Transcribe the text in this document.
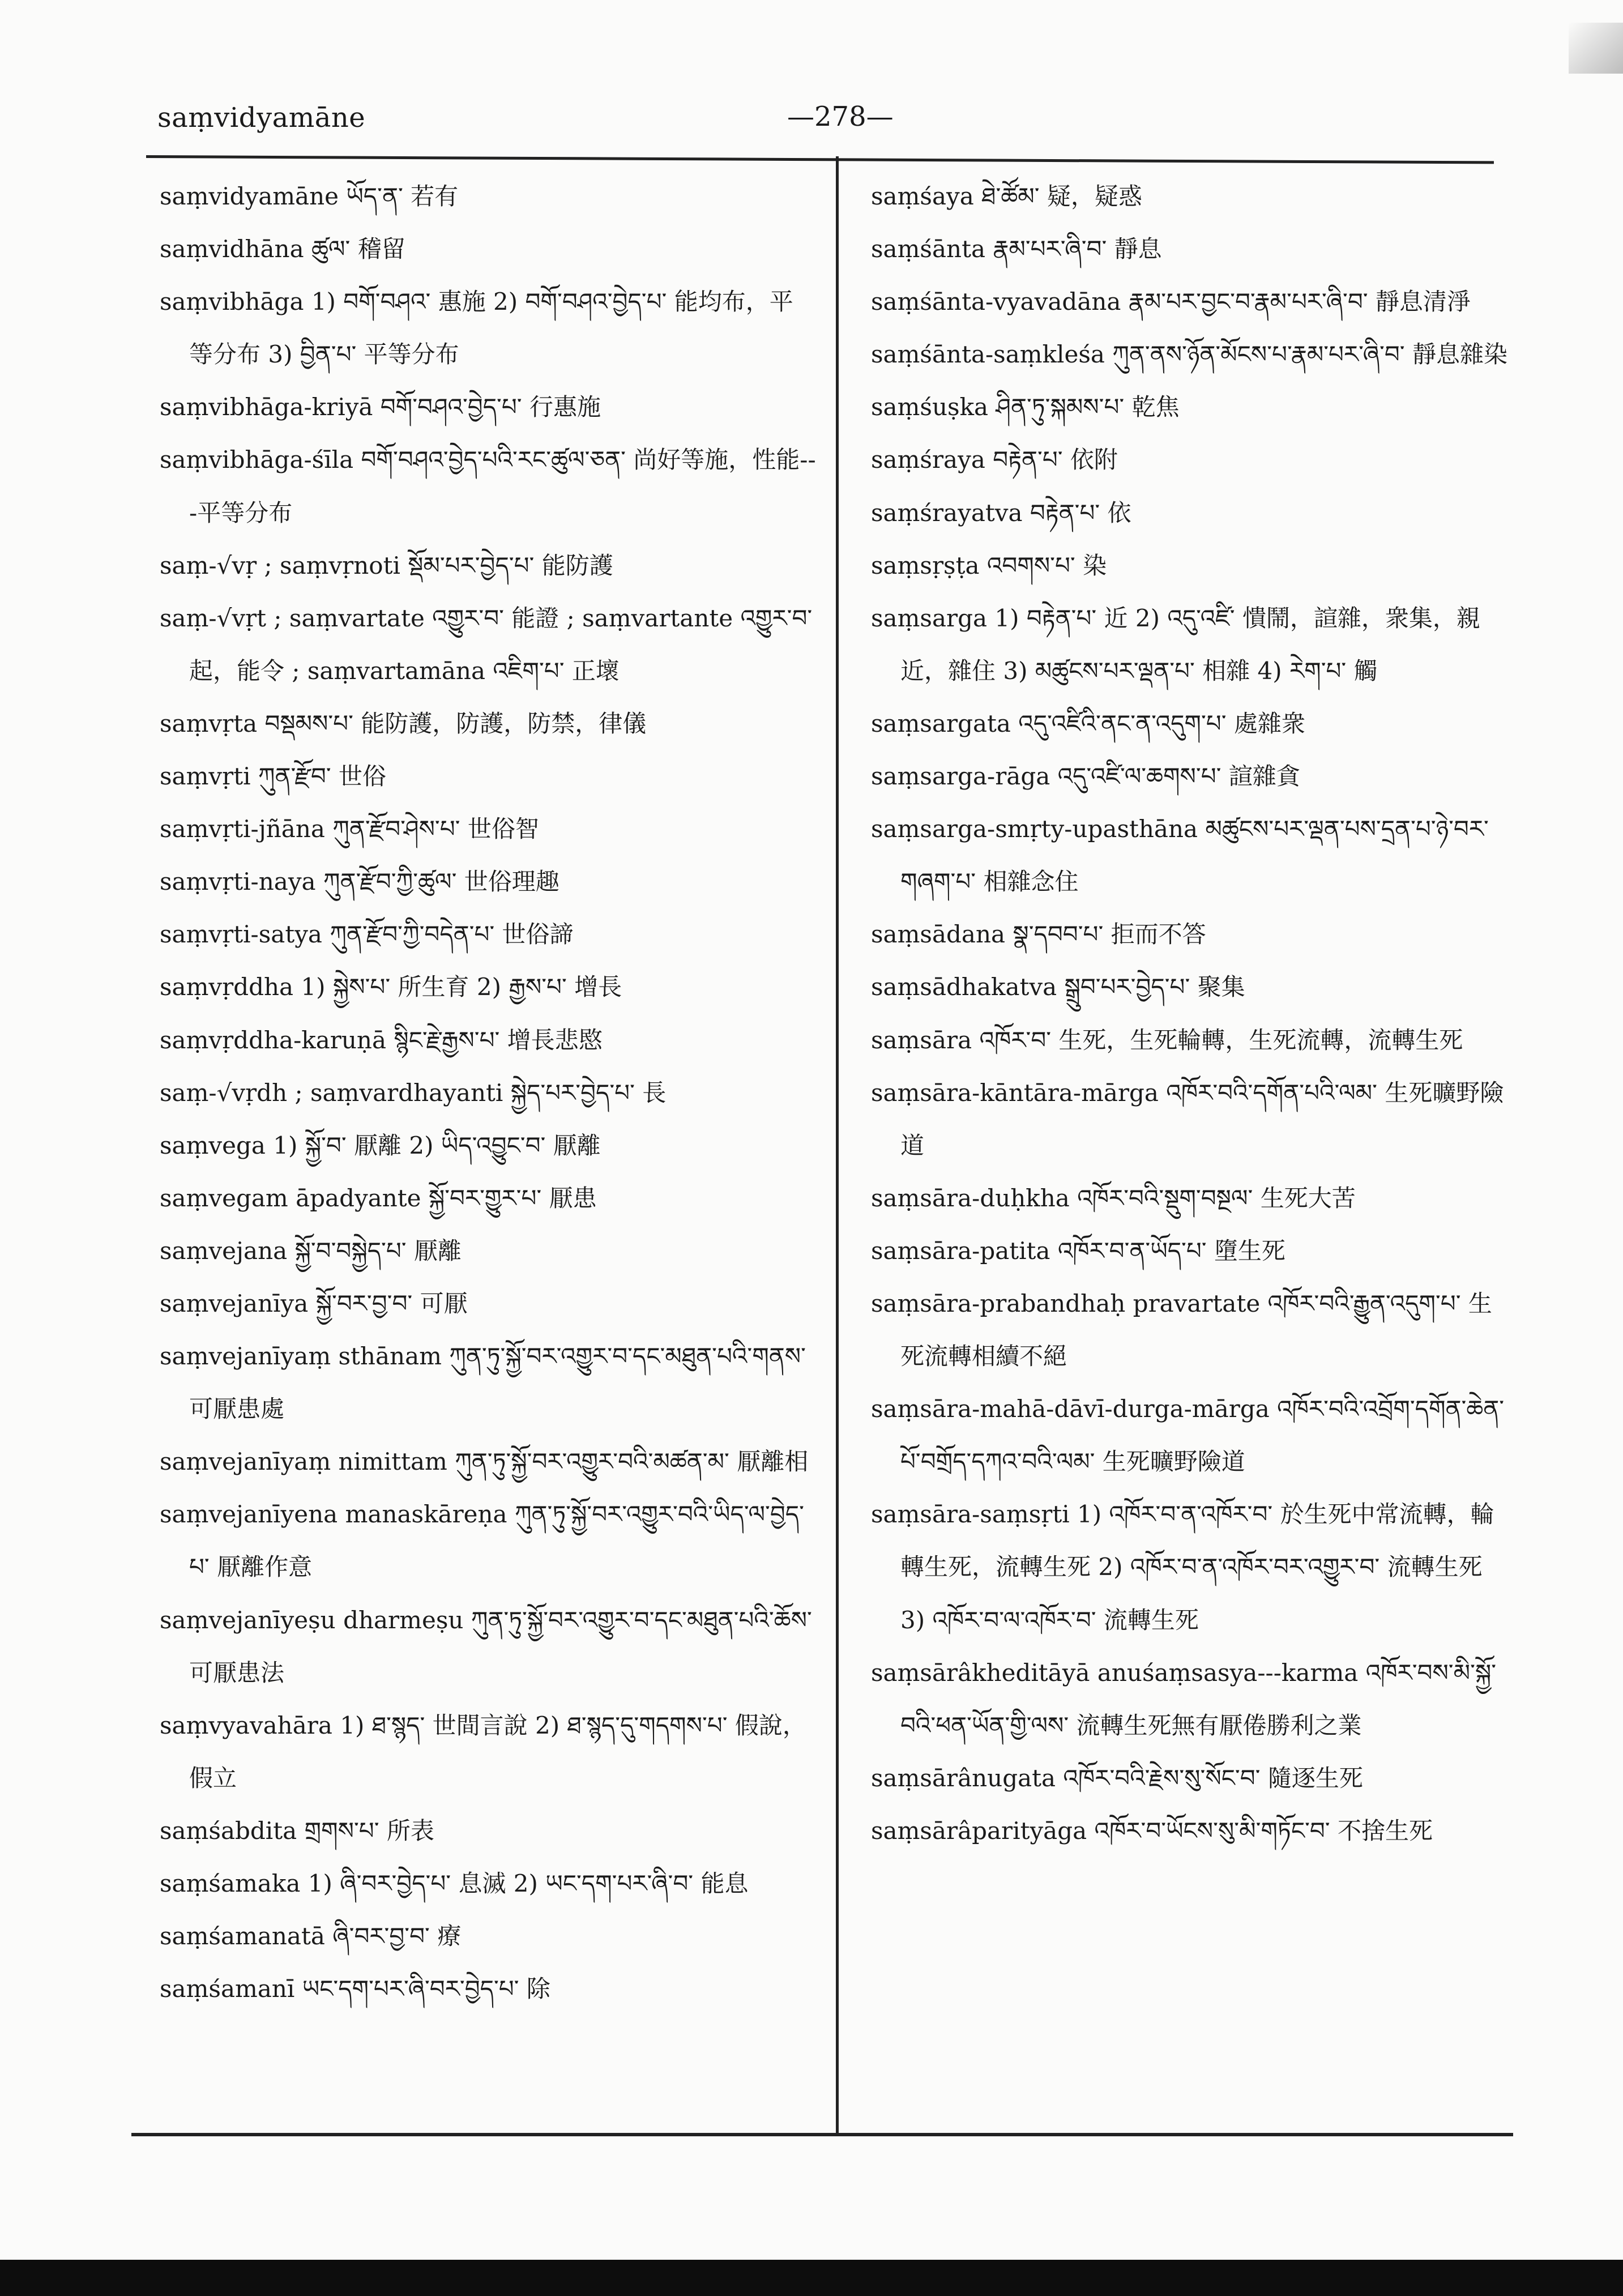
saṃvidyamāne	—278—

saṃvidyamāne ཡོད་ན་ 若有

saṃvidhāna ཚུལ་ 稽留

saṃvibhāga 1) བགོ་བཤའ་ 惠施 2) བགོ་བཤའ་བྱེད་པ་ 能均布，平等分布 3) བྱིན་པ་ 平等分布

saṃvibhāga-kriyā བགོ་བཤའ་བྱེད་པ་ 行惠施

saṃvibhāga-śīla བགོ་བཤའ་བྱེད་པའི་རང་ཚུལ་ཅན་ 尚好等施，性能---平等分布

saṃ-√vṛ ; saṃvṛnoti སྡོམ་པར་བྱེད་པ་ 能防護

saṃ-√vṛt ; saṃvartate འགྱུར་བ་ 能證 ; saṃvartante འགྱུར་བ་ 起，能令 ; saṃvartamāna འཇིག་པ་ 正壞

saṃvṛta བསྡམས་པ་ 能防護，防護，防禁，律儀

saṃvṛti ཀུན་རྫོབ་ 世俗

saṃvṛti-jñāna ཀུན་རྫོབ་ཤེས་པ་ 世俗智

saṃvṛti-naya ཀུན་རྫོབ་ཀྱི་ཚུལ་ 世俗理趣

saṃvṛti-satya ཀུན་རྫོབ་ཀྱི་བདེན་པ་ 世俗諦

saṃvṛddha 1) སྐྱེས་པ་ 所生育 2) རྒྱས་པ་ 增長

saṃvṛddha-karuṇā སྙིང་རྗེ་རྒྱས་པ་ 增長悲愍

saṃ-√vṛdh ; saṃvardhayanti སྐྱེད་པར་བྱེད་པ་ 長

saṃvega 1) སྐྱོ་བ་ 厭離 2) ཡིད་འབྱུང་བ་ 厭離

saṃvegam āpadyante སྐྱོ་བར་གྱུར་པ་ 厭患

saṃvejana སྐྱོ་བ་བསྐྱེད་པ་ 厭離

saṃvejanīya སྐྱོ་བར་བྱ་བ་ 可厭

saṃvejanīyaṃ sthānam ཀུན་ཏུ་སྐྱོ་བར་འགྱུར་བ་དང་མཐུན་པའི་གནས་ 可厭患處

saṃvejanīyaṃ nimittam ཀུན་ཏུ་སྐྱོ་བར་འགྱུར་བའི་མཚན་མ་ 厭離相

saṃvejanīyena manaskāreṇa ཀུན་ཏུ་སྐྱོ་བར་འགྱུར་བའི་ཡིད་ལ་བྱེད་པ་ 厭離作意

saṃvejanīyeṣu dharmeṣu ཀུན་ཏུ་སྐྱོ་བར་འགྱུར་བ་དང་མཐུན་པའི་ཆོས་ 可厭患法

saṃvyavahāra 1) ཐ་སྙད་ 世間言說 2) ཐ་སྙད་དུ་གདགས་པ་ 假說，假立

saṃśabdita གྲགས་པ་ 所表

saṃśamaka 1) ཞི་བར་བྱེད་པ་ 息滅 2) ཡང་དག་པར་ཞི་བ་ 能息

saṃśamanatā ཞི་བར་བྱ་བ་ 療

saṃśamanī ཡང་དག་པར་ཞི་བར་བྱེད་པ་ 除

saṃśaya ཐེ་ཚོམ་ 疑，疑惑

saṃśānta རྣམ་པར་ཞི་བ་ 靜息

saṃśānta-vyavadāna རྣམ་པར་བྱང་བ་རྣམ་པར་ཞི་བ་ 靜息清淨

saṃśānta-saṃkleśa ཀུན་ནས་ཉོན་མོངས་པ་རྣམ་པར་ཞི་བ་ 靜息雜染

saṃśuṣka ཤིན་ཏུ་སྐམས་པ་ 乾焦

saṃśraya བརྟེན་པ་ 依附

saṃśrayatva བརྟེན་པ་ 依

saṃsṛṣṭa འབགས་པ་ 染

saṃsarga 1) བརྟེན་པ་ 近 2) འདུ་འཛི་ 憒鬧，諠雜，衆集，親近，雜住 3) མཚུངས་པར་ལྡན་པ་ 相雜 4) རེག་པ་ 觸

saṃsargata འདུ་འཛིའི་ནང་ན་འདུག་པ་ 處雜衆

saṃsarga-rāga འདུ་འཛི་ལ་ཆགས་པ་ 諠雜貪

saṃsarga-smṛty-upasthāna མཚུངས་པར་ལྡན་པས་དྲན་པ་ཉེ་བར་གཞག་པ་ 相雜念住

saṃsādana སྣ་དབབ་པ་ 拒而不答

saṃsādhakatva སྒྲུབ་པར་བྱེད་པ་ 聚集

saṃsāra འཁོར་བ་ 生死，生死輪轉，生死流轉，流轉生死

saṃsāra-kāntāra-mārga འཁོར་བའི་དགོན་པའི་ལམ་ 生死曠野險道

saṃsāra-duḥkha འཁོར་བའི་སྡུག་བསྔལ་ 生死大苦

saṃsāra-patita འཁོར་བ་ན་ཡོད་པ་ 墮生死

saṃsāra-prabandhaḥ pravartate འཁོར་བའི་རྒྱུན་འདུག་པ་ 生死流轉相續不絕

saṃsāra-mahā-dāvī-durga-mārga འཁོར་བའི་འབྲོག་དགོན་ཆེན་པོ་བགྲོད་དཀའ་བའི་ལམ་ 生死曠野險道

saṃsāra-saṃsṛti 1) འཁོར་བ་ན་འཁོར་བ་ 於生死中常流轉，輪轉生死，流轉生死 2) འཁོར་བ་ན་འཁོར་བར་འགྱུར་བ་ 流轉生死 3) འཁོར་བ་ལ་འཁོར་བ་ 流轉生死

saṃsārâkheditāyā anuśaṃsasya---karma འཁོར་བས་མི་སྐྱོ་བའི་ཕན་ཡོན་གྱི་ལས་ 流轉生死無有厭倦勝利之業

saṃsārânugata འཁོར་བའི་རྗེས་སུ་སོང་བ་ 隨逐生死

saṃsārâparityāga འཁོར་བ་ཡོངས་སུ་མི་གཏོང་བ་ 不捨生死
